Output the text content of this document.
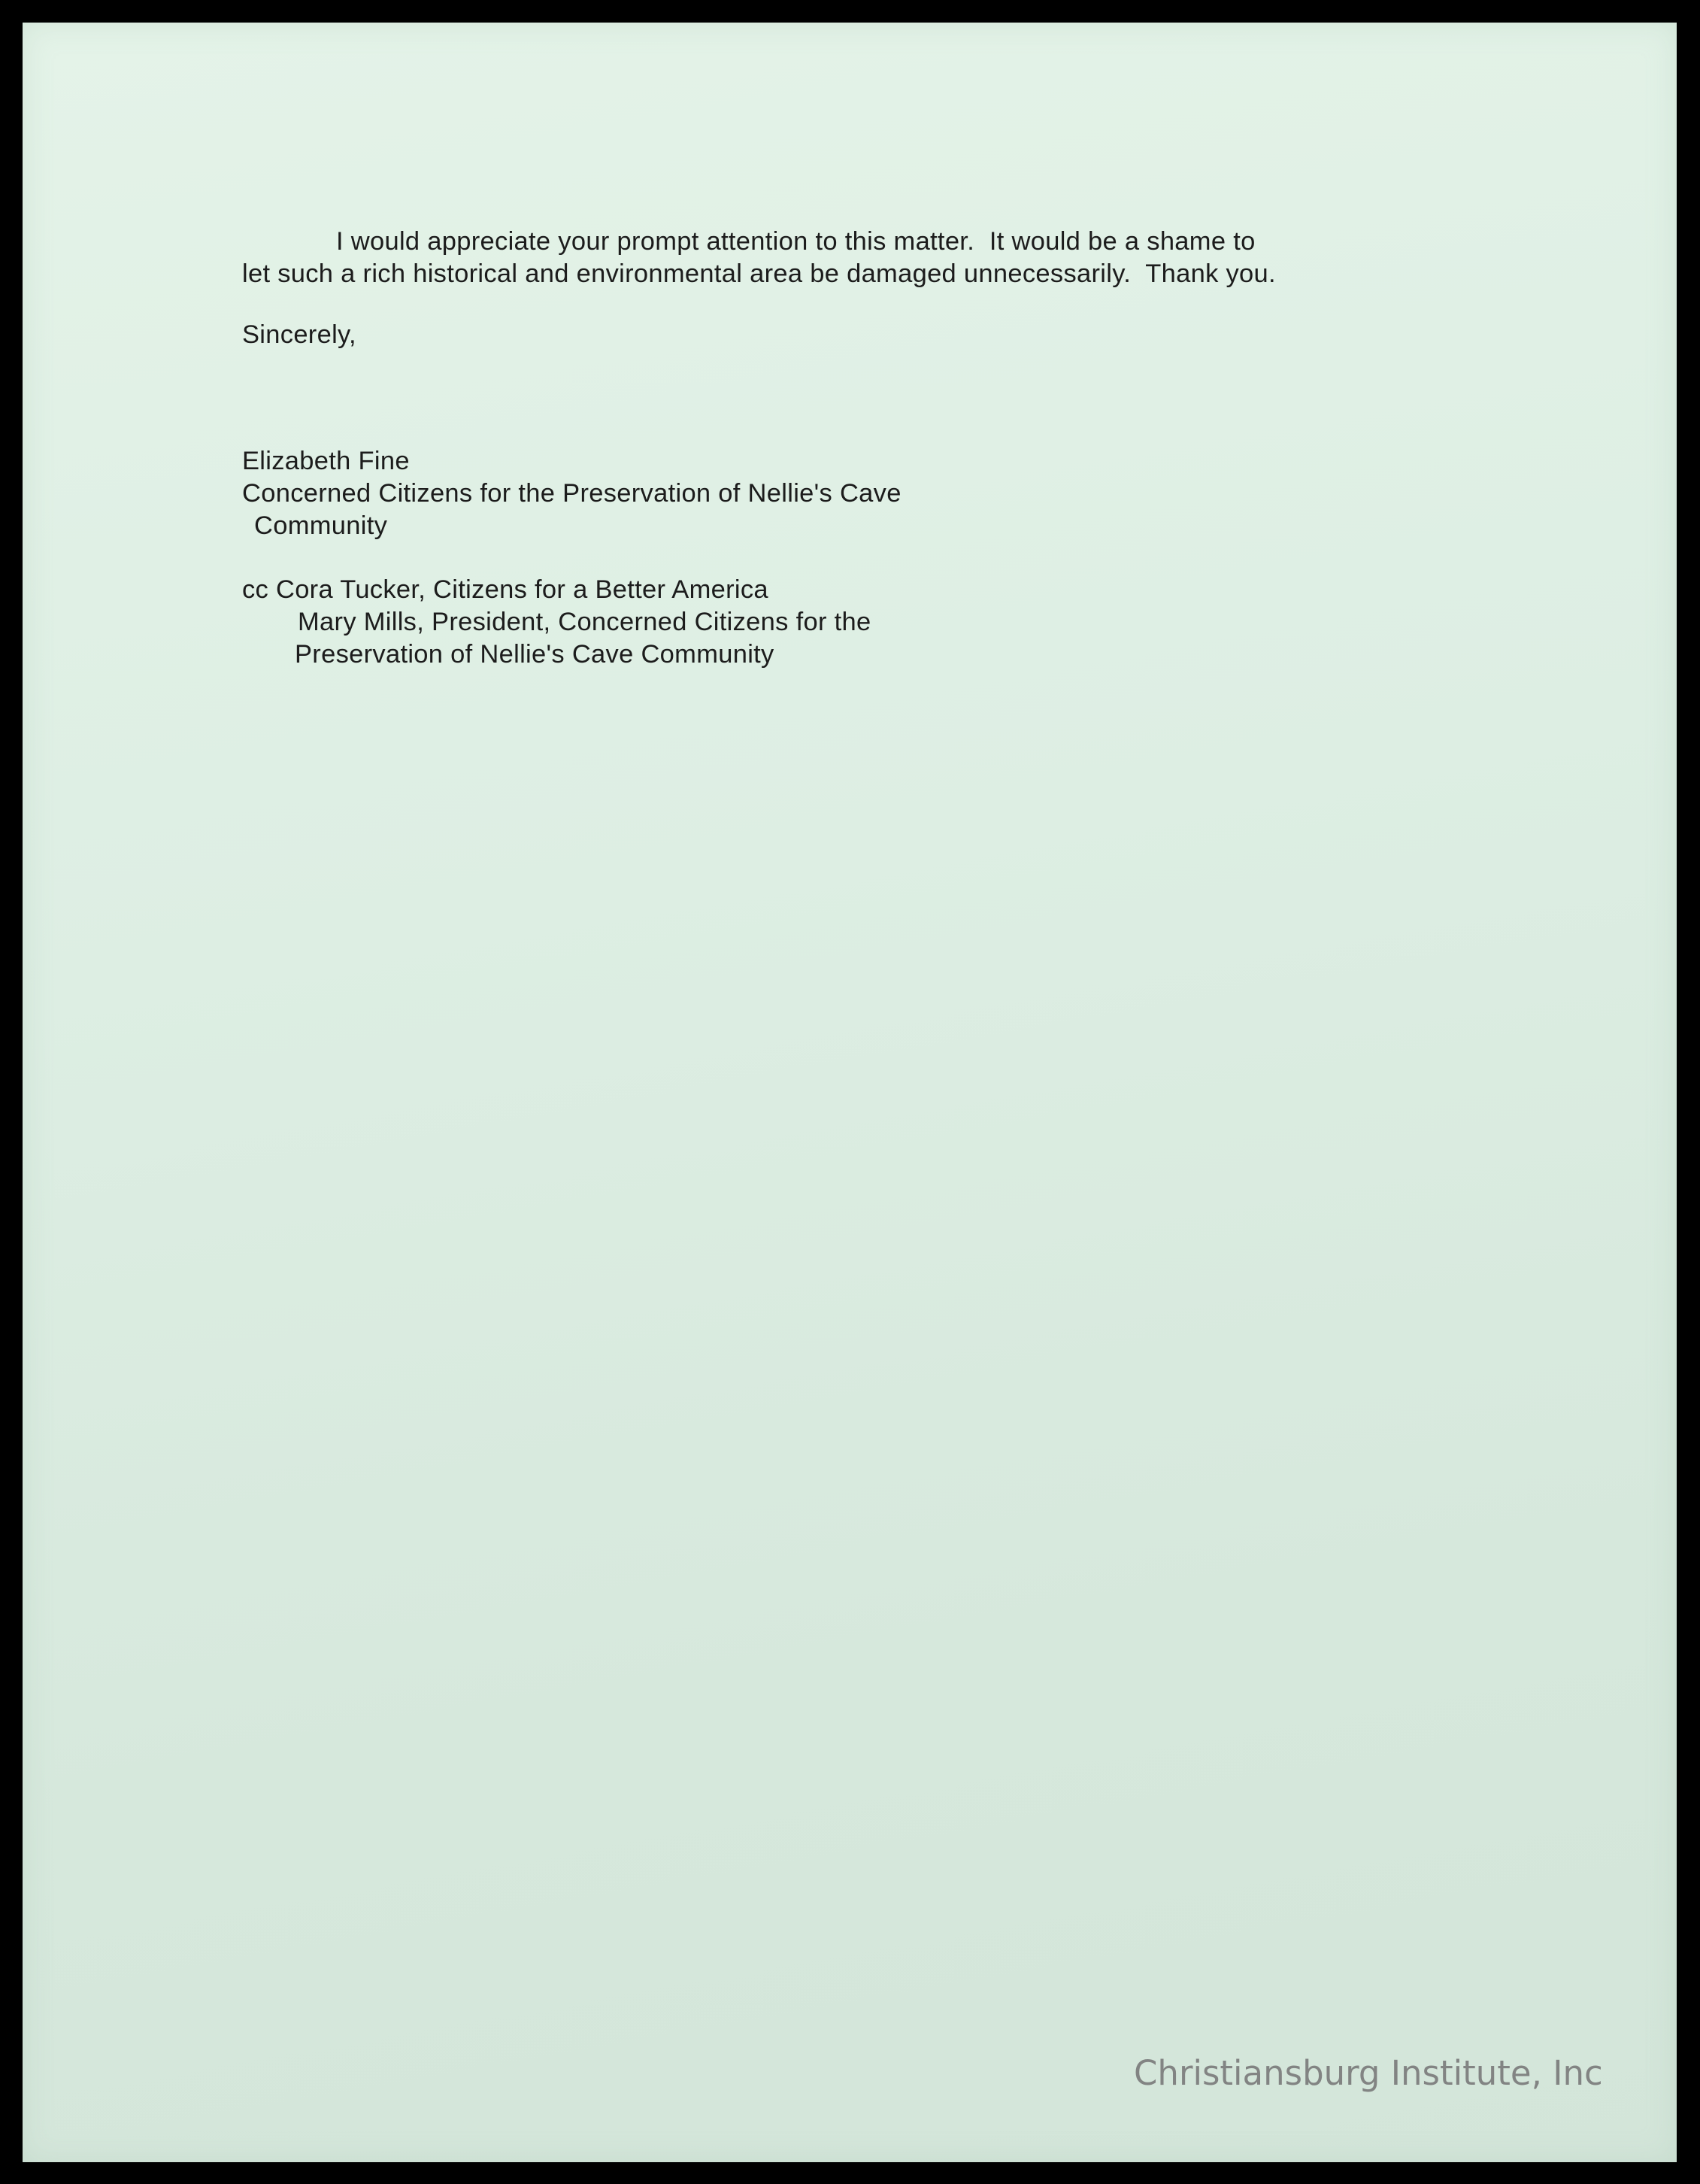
I would appreciate your prompt attention to this matter.  It would be a shame to
let such a rich historical and environmental area be damaged unnecessarily.  Thank you.
Sincerely,
Elizabeth Fine
Concerned Citizens for the Preservation of Nellie's Cave
Community
cc Cora Tucker, Citizens for a Better America
Mary Mills, President, Concerned Citizens for the
Preservation of Nellie's Cave Community
Christiansburg Institute, Inc
